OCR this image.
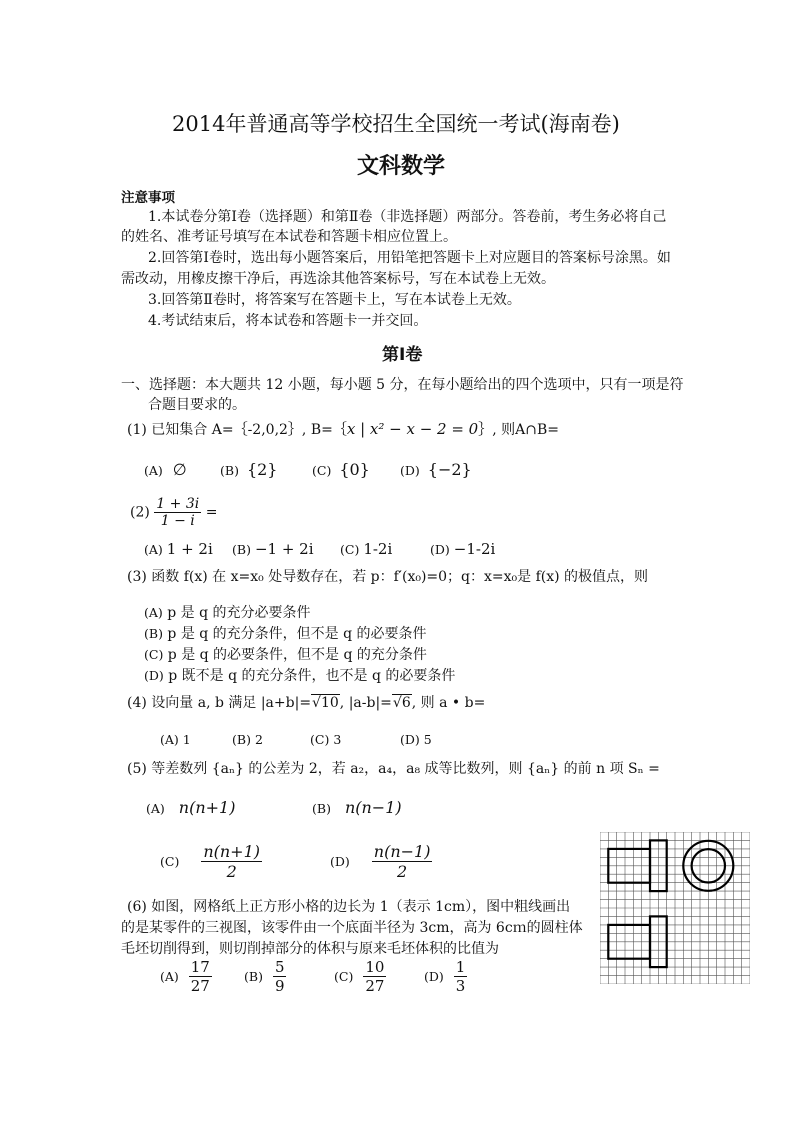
2014年普通高等学校招生全国统一考试(海南卷)
文科数学
注意事项
1.本试卷分第Ⅰ卷（选择题）和第Ⅱ卷（非选择题）两部分。答卷前，考生务必将自己
的姓名、准考证号填写在本试卷和答题卡相应位置上。
2.回答第Ⅰ卷时，选出每小题答案后，用铅笔把答题卡上对应题目的答案标号涂黑。如
需改动，用橡皮擦干净后，再选涂其他答案标号，写在本试卷上无效。
3.回答第Ⅱ卷时，将答案写在答题卡上，写在本试卷上无效。
4.考试结束后，将本试卷和答题卡一并交回。
第Ⅰ卷
一、选择题：本大题共 12 小题，每小题 5 分，在每小题给出的四个选项中，只有一项是符
合题目要求的。
(1) 已知集合 A=｛-2,0,2｝, B=｛x | x² − x − 2 = 0｝, 则A∩B=
(A) ∅	(B) {2}	(C) {0} (D) {−2}
$(2) \frac{1 + 3i}{1 - i}$ =
(A) 1 + 2i (B) −1 + 2i (C) 1-2i	(D) −1-2i
(3) 函数 f(x) 在 x=x₀ 处导数存在，若 p：f′(x₀)=0；q：x=x₀是 f(x) 的极值点，则
(A) p 是 q 的充分必要条件
(B) p 是 q 的充分条件，但不是 q 的必要条件
(C) p 是 q 的必要条件，但不是 q 的充分条件
(D) p 既不是 q 的充分条件，也不是 q 的必要条件
(4) 设向量 a, b 满足 |a+b|=√10, |a-b|=√6, 则 a • b=
(A) 1	(B) 2	(C) 3	(D) 5
(5) 等差数列 {aₙ} 的公差为 2，若 a₂，a₄，a₈ 成等比数列，则 {aₙ} 的前 n 项 Sₙ =
(A) n(n+1)	(B) n(n−1)
$(C) \frac{n(n+1)}{2}$	$(D) \frac{n(n-1)}{2}$
(6) 如图，网格纸上正方形小格的边长为 1（表示 1cm），图中粗线画出
的是某零件的三视图，该零件由一个底面半径为 3cm，高为 6cｍ的圆柱体
毛坯切削得到，则切削掉部分的体积与原来毛坯体积的比值为
$(A) \frac{17}{27}$	$(B) \frac{5}{9}$	$(C) \frac{10}{27}$	$(D) \frac{1}{3}$
